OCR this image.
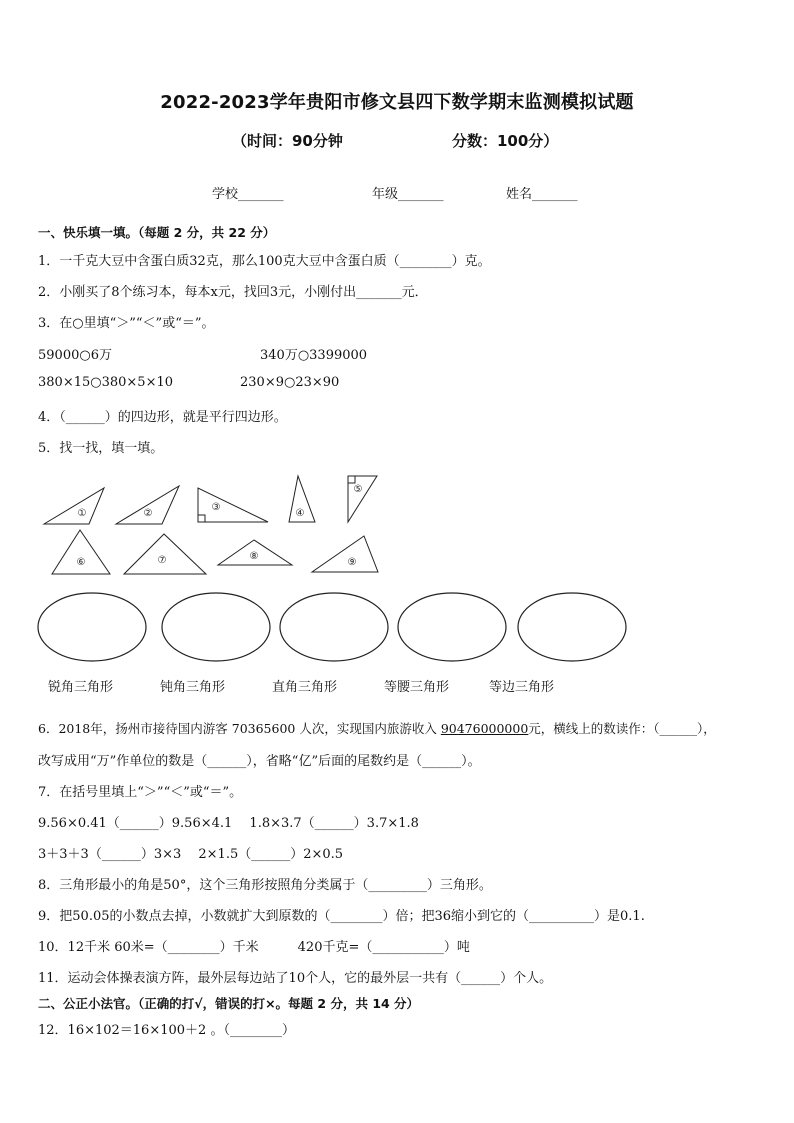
2022-2023学年贵阳市修文县四下数学期末监测模拟试题
（时间：90分钟	分数：100分）
学校_______	年级_______	姓名_______
一、快乐填一填。（每题 2 分，共 22 分）
1．一千克大豆中含蛋白质32克，那么100克大豆中含蛋白质（________）克。
2．小刚买了8个练习本，每本x元，找回3元，小刚付出_______元．
3．在○里填“＞”“＜”或“＝”。
59000○6万	340万○3399000
380×15○380×5×10	230×9○23×90
4．（______）的四边形，就是平行四边形。
5．找一找，填一填。
①	②
③
④
⑤
⑥	⑦	⑧
⑨
锐角三角形	钝角三角形	直角三角形	等腰三角形	等边三角形
6．2018年，扬州市接待国内游客 70365600 人次，实现国内旅游收入 90476000000元，横线上的数读作：（______），
改写成用“万”作单位的数是（______），省略“亿”后面的尾数约是（______）。
7．在括号里填上“＞”“＜”或“＝”。
9.56×0.41（______）9.56×4.1　 1.8×3.7（______）3.7×1.8
3＋3＋3（______）3×3　 2×1.5（______）2×0.5
8．三角形最小的角是50°，这个三角形按照角分类属于（_________）三角形。
9．把50.05的小数点去掉，小数就扩大到原数的（________）倍；把36缩小到它的（__________）是0.1.
10．12千米 60米=（________）千米　　　420千克=（___________）吨
11．运动会体操表演方阵，最外层每边站了10个人，它的最外层一共有（______）个人。
二、公正小法官。（正确的打√，错误的打×。每题 2 分，共 14 分）
12．16×102＝16×100＋2 。（________）
